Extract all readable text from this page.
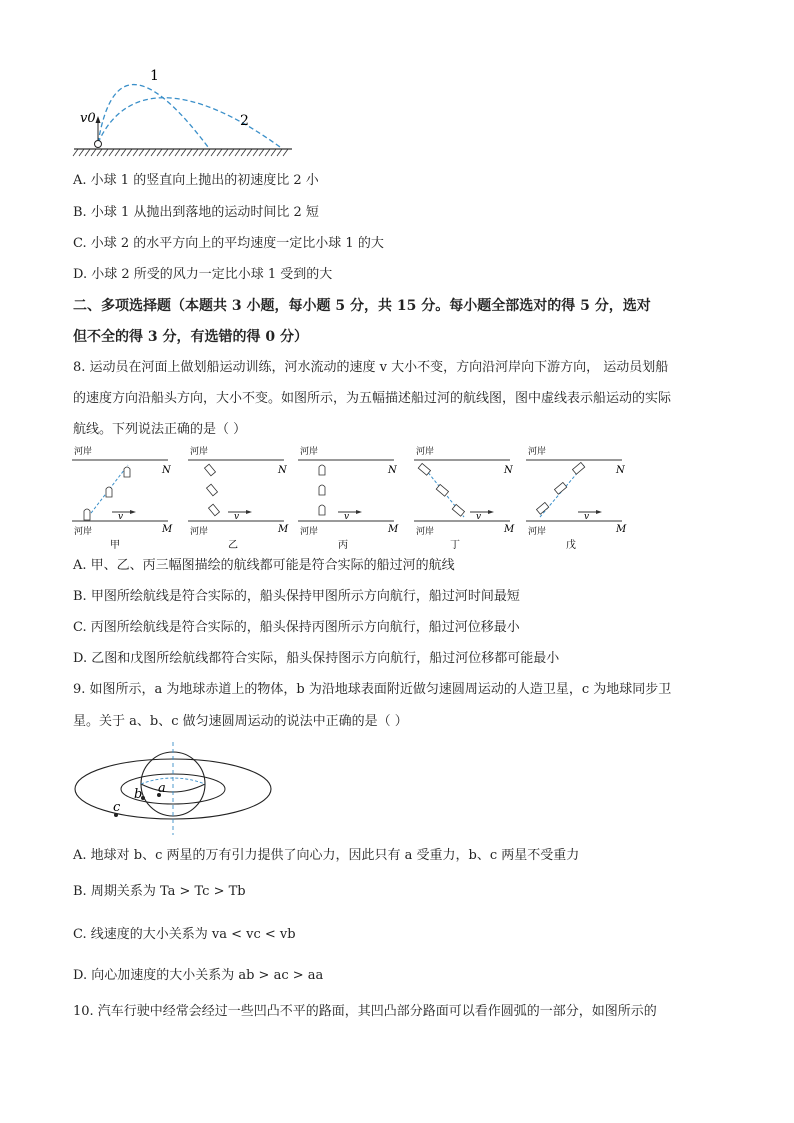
v0
1
2
A. 小球 1 的竖直向上抛出的初速度比 2 小
B. 小球 1 从抛出到落地的运动时间比 2 短
C. 小球 2 的水平方向上的平均速度一定比小球 1 的大
D. 小球 2 所受的风力一定比小球 1 受到的大
二、多项选择题（本题共 3 小题，每小题 5 分，共 15 分。每小题全部选对的得 5 分，选对
但不全的得 3 分，有选错的得 0 分）
8. 运动员在河面上做划船运动训练，河水流动的速度 v 大小不变，方向沿河岸向下游方向， 运动员划船
的速度方向沿船头方向，大小不变。如图所示，为五幅描述船过河的航线图，图中虚线表示船运动的实际
航线。下列说法正确的是（ ）
河岸
N
河岸	M
v
甲
河岸
N
河岸	M
v
乙
河岸
N
河岸	M
v
丙
河岸
N
河岸	M
v
丁
河岸
N
河岸	M
v
戊
A. 甲、乙、丙三幅图描绘的航线都可能是符合实际的船过河的航线
B. 甲图所绘航线是符合实际的，船头保持甲图所示方向航行，船过河时间最短
C. 丙图所绘航线是符合实际的，船头保持丙图所示方向航行，船过河位移最小
D. 乙图和戊图所绘航线都符合实际，船头保持图示方向航行，船过河位移都可能最小
9. 如图所示，a 为地球赤道上的物体，b 为沿地球表面附近做匀速圆周运动的人造卫星，c 为地球同步卫
星。关于 a、b、c 做匀速圆周运动的说法中正确的是（ ）
a
b
c
A. 地球对 b、c 两星的万有引力提供了向心力，因此只有 a 受重力，b、c 两星不受重力
B. 周期关系为 Ta > Tc > Tb
C. 线速度的大小关系为 va < vc < vb
D. 向心加速度的大小关系为 ab > ac > aa
10. 汽车行驶中经常会经过一些凹凸不平的路面，其凹凸部分路面可以看作圆弧的一部分，如图所示的
